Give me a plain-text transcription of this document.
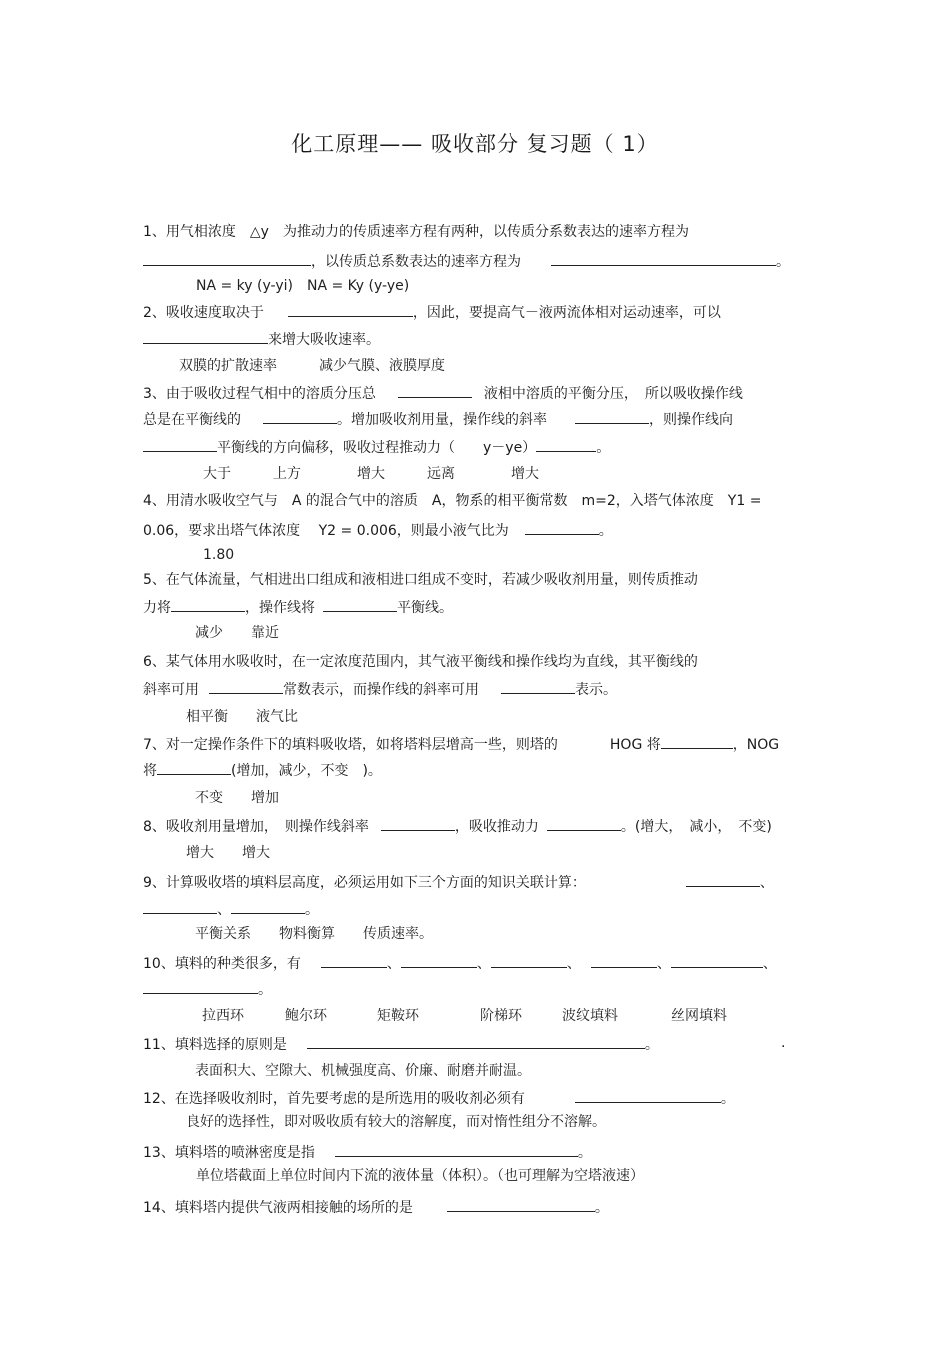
化工原理—— 吸收部分 复习题（ 1）
1、用气相浓度　△y　为推动力的传质速率方程有两种，以传质分系数表达的速率方程为
，以传质总系数表达的速率方程为	。
NA = ky (y-yi)　NA = Ky (y-ye)
2、吸收速度取决于	，因此，要提高气－液两流体相对运动速率，可以
来增大吸收速率。
双膜的扩散速率　　　减少气膜、液膜厚度
3、由于吸收过程气相中的溶质分压总	液相中溶质的平衡分压，　所以吸收操作线
总是在平衡线的	。增加吸收剂用量，操作线的斜率	，则操作线向
平衡线的方向偏移，吸收过程推动力（　　y－ye）	。
大于　　　上方　　　　增大　　　远离　　　　增大
4、用清水吸收空气与　A 的混合气中的溶质　A，物系的相平衡常数　m=2，入塔气体浓度　Y1 =
0.06，要求出塔气体浓度　 Y2 = 0.006，则最小液气比为	。
1.80
5、在气体流量，气相进出口组成和液相进口组成不变时，若减少吸收剂用量，则传质推动
力将	，操作线将	平衡线。
减少　　靠近
6、某气体用水吸收时，在一定浓度范围内，其气液平衡线和操作线均为直线，其平衡线的
斜率可用	常数表示，而操作线的斜率可用	表示。
相平衡　　液气比
7、对一定操作条件下的填料吸收塔，如将塔料层增高一些，则塔的	HOG 将	，NOG
将	(增加，减少，不变　)。
不变　　增加
8、吸收剂用量增加，　则操作线斜率	，吸收推动力	。(增大，　减小，　不变)
增大　　增大
9、计算吸收塔的填料层高度，必须运用如下三个方面的知识关联计算：	、
、	。
平衡关系　　物料衡算　　传质速率。
10、填料的种类很多，有	、	、	、	、	、
。
拉西环	鲍尔环	矩鞍环	阶梯环	波纹填料	丝网填料
11、填料选择的原则是	。	.
表面积大、空隙大、机械强度高、价廉、耐磨并耐温。
12、在选择吸收剂时，首先要考虑的是所选用的吸收剂必须有	。
良好的选择性，即对吸收质有较大的溶解度，而对惰性组分不溶解。
13、填料塔的喷淋密度是指	。
单位塔截面上单位时间内下流的液体量（体积）。（也可理解为空塔液速）
14、填料塔内提供气液两相接触的场所的是	。
